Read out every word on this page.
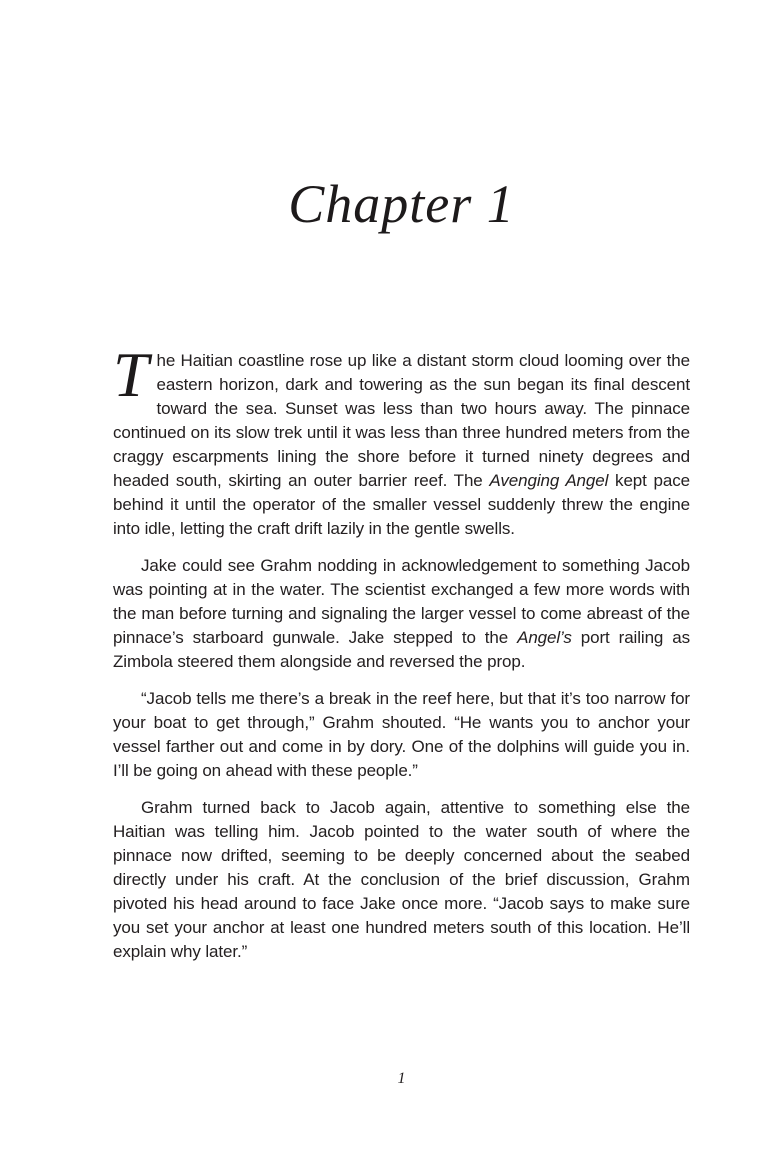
Chapter 1

The Haitian coastline rose up like a distant storm cloud looming over the eastern horizon, dark and towering as the sun began its final descent toward the sea. Sunset was less than two hours away. The pinnace continued on its slow trek until it was less than three hundred meters from the craggy escarpments lining the shore before it turned ninety degrees and headed south, skirting an outer barrier reef. The Avenging Angel kept pace behind it until the operator of the smaller vessel suddenly threw the engine into idle, letting the craft drift lazily in the gentle swells.

Jake could see Grahm nodding in acknowledgement to something Jacob was pointing at in the water. The scientist exchanged a few more words with the man before turning and signaling the larger vessel to come abreast of the pinnace’s starboard gunwale. Jake stepped to the Angel’s port railing as Zimbola steered them alongside and reversed the prop.

“Jacob tells me there’s a break in the reef here, but that it’s too narrow for your boat to get through,” Grahm shouted. “He wants you to anchor your vessel farther out and come in by dory. One of the dolphins will guide you in. I’ll be going on ahead with these people.”

Grahm turned back to Jacob again, attentive to something else the Haitian was telling him. Jacob pointed to the water south of where the pinnace now drifted, seeming to be deeply concerned about the seabed directly under his craft. At the conclusion of the brief discussion, Grahm pivoted his head around to face Jake once more. “Jacob says to make sure you set your anchor at least one hundred meters south of this location. He’ll explain why later.”

1
